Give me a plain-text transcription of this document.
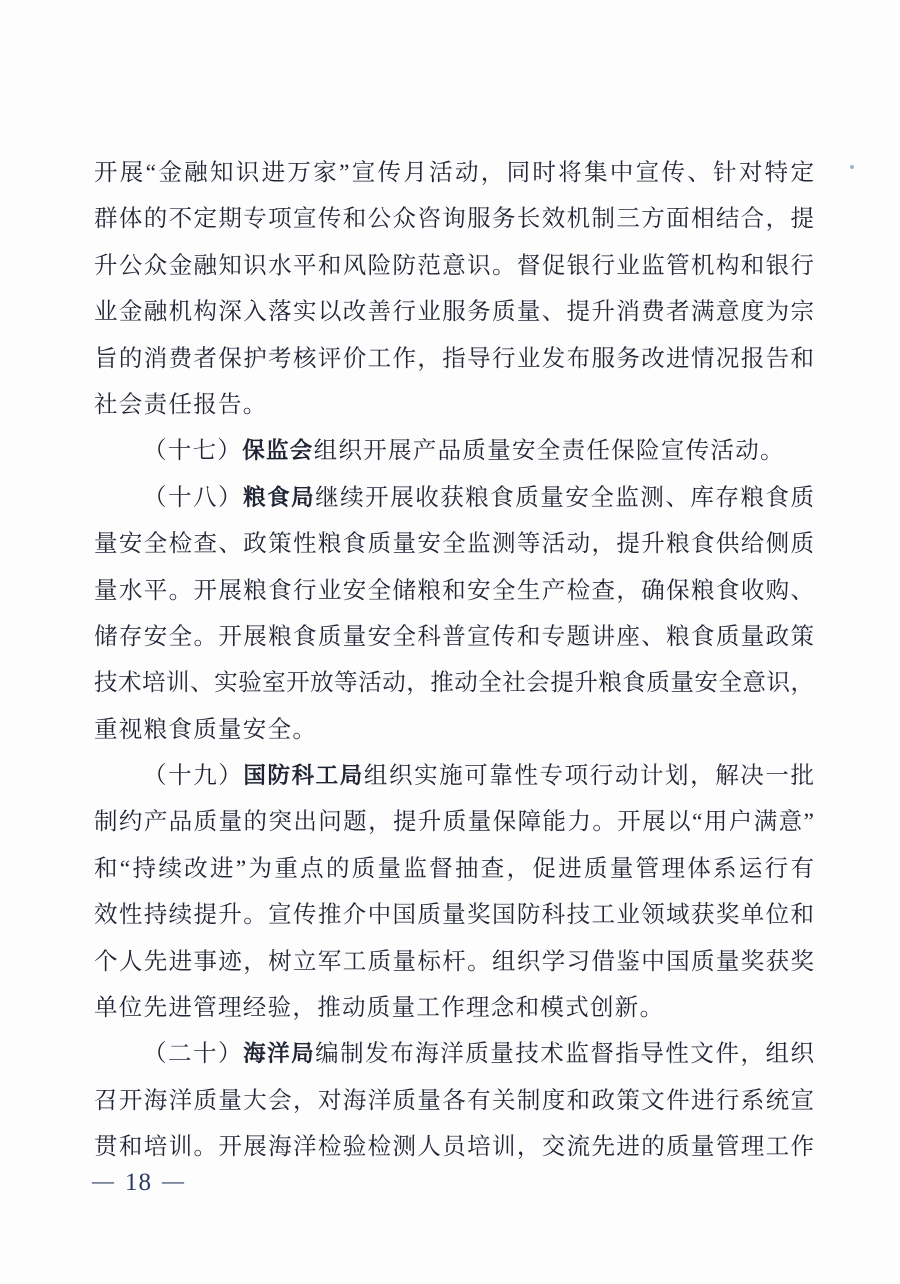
开展“金融知识进万家”宣传月活动，同时将集中宣传、针对特定
群体的不定期专项宣传和公众咨询服务长效机制三方面相结合，提
升公众金融知识水平和风险防范意识。督促银行业监管机构和银行
业金融机构深入落实以改善行业服务质量、提升消费者满意度为宗
旨的消费者保护考核评价工作，指导行业发布服务改进情况报告和
社会责任报告。
（十七）保监会组织开展产品质量安全责任保险宣传活动。
（十八）粮食局继续开展收获粮食质量安全监测、库存粮食质
量安全检查、政策性粮食质量安全监测等活动，提升粮食供给侧质
量水平。开展粮食行业安全储粮和安全生产检查，确保粮食收购、
储存安全。开展粮食质量安全科普宣传和专题讲座、粮食质量政策
技术培训、实验室开放等活动，推动全社会提升粮食质量安全意识，
重视粮食质量安全。
（十九）国防科工局组织实施可靠性专项行动计划，解决一批
制约产品质量的突出问题，提升质量保障能力。开展以“用户满意”
和“持续改进”为重点的质量监督抽查，促进质量管理体系运行有
效性持续提升。宣传推介中国质量奖国防科技工业领域获奖单位和
个人先进事迹，树立军工质量标杆。组织学习借鉴中国质量奖获奖
单位先进管理经验，推动质量工作理念和模式创新。
（二十）海洋局编制发布海洋质量技术监督指导性文件，组织
召开海洋质量大会，对海洋质量各有关制度和政策文件进行系统宣
贯和培训。开展海洋检验检测人员培训，交流先进的质量管理工作
— 18 —
